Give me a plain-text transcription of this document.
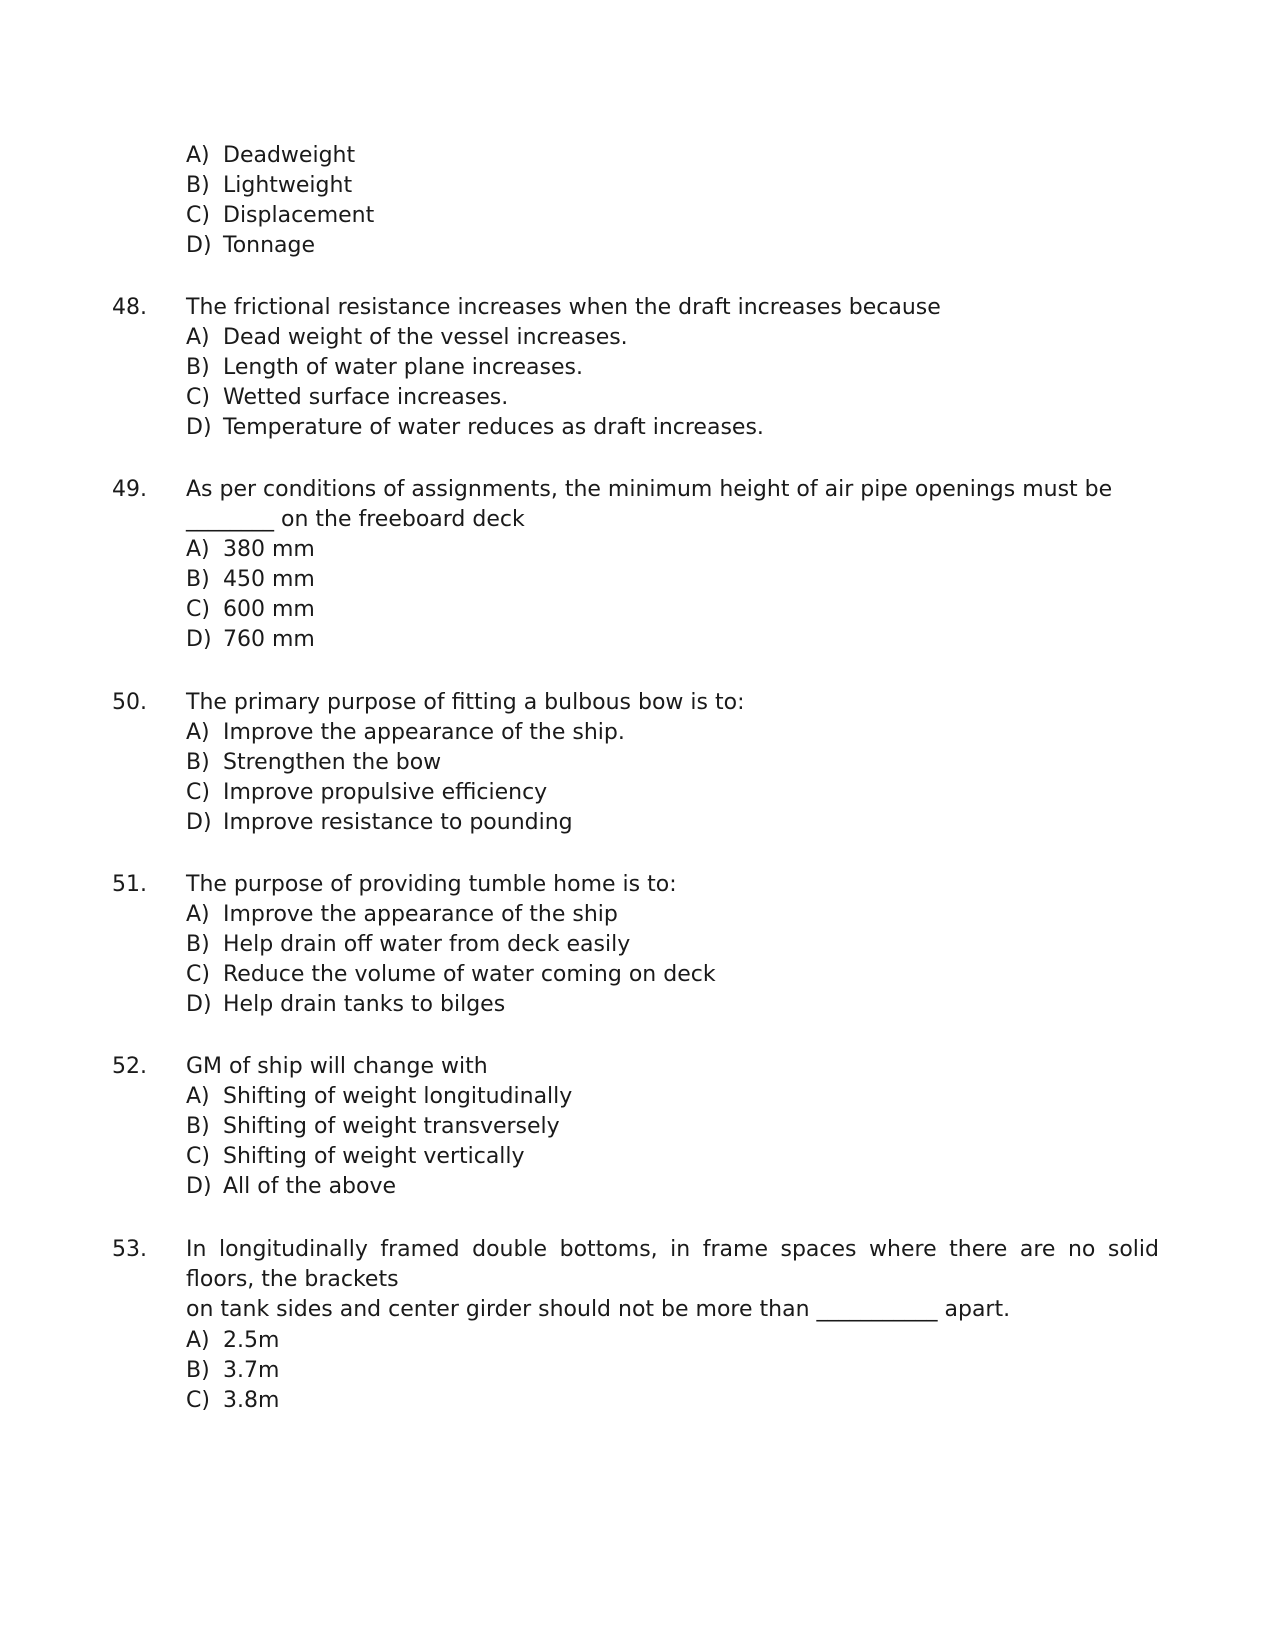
A) Deadweight
B) Lightweight
C) Displacement
D) Tonnage
48. The frictional resistance increases when the draft increases because
A) Dead weight of the vessel increases.
B) Length of water plane increases.
C) Wetted surface increases.
D) Temperature of water reduces as draft increases.
49. As per conditions of assignments, the minimum height of air pipe openings must be
________ on the freeboard deck
A) 380 mm
B) 450 mm
C) 600 mm
D) 760 mm
50. The primary purpose of fitting a bulbous bow is to:
A) Improve the appearance of the ship.
B) Strengthen the bow
C) Improve propulsive efficiency
D) Improve resistance to pounding
51. The purpose of providing tumble home is to:
A) Improve the appearance of the ship
B) Help drain off water from deck easily
C) Reduce the volume of water coming on deck
D) Help drain tanks to bilges
52. GM of ship will change with
A) Shifting of weight longitudinally
B) Shifting of weight transversely
C) Shifting of weight vertically
D) All of the above
53. In longitudinally framed double bottoms, in frame spaces where there are no solid
floors, the brackets
on tank sides and center girder should not be more than ___________ apart.
A) 2.5m
B) 3.7m
C) 3.8m
